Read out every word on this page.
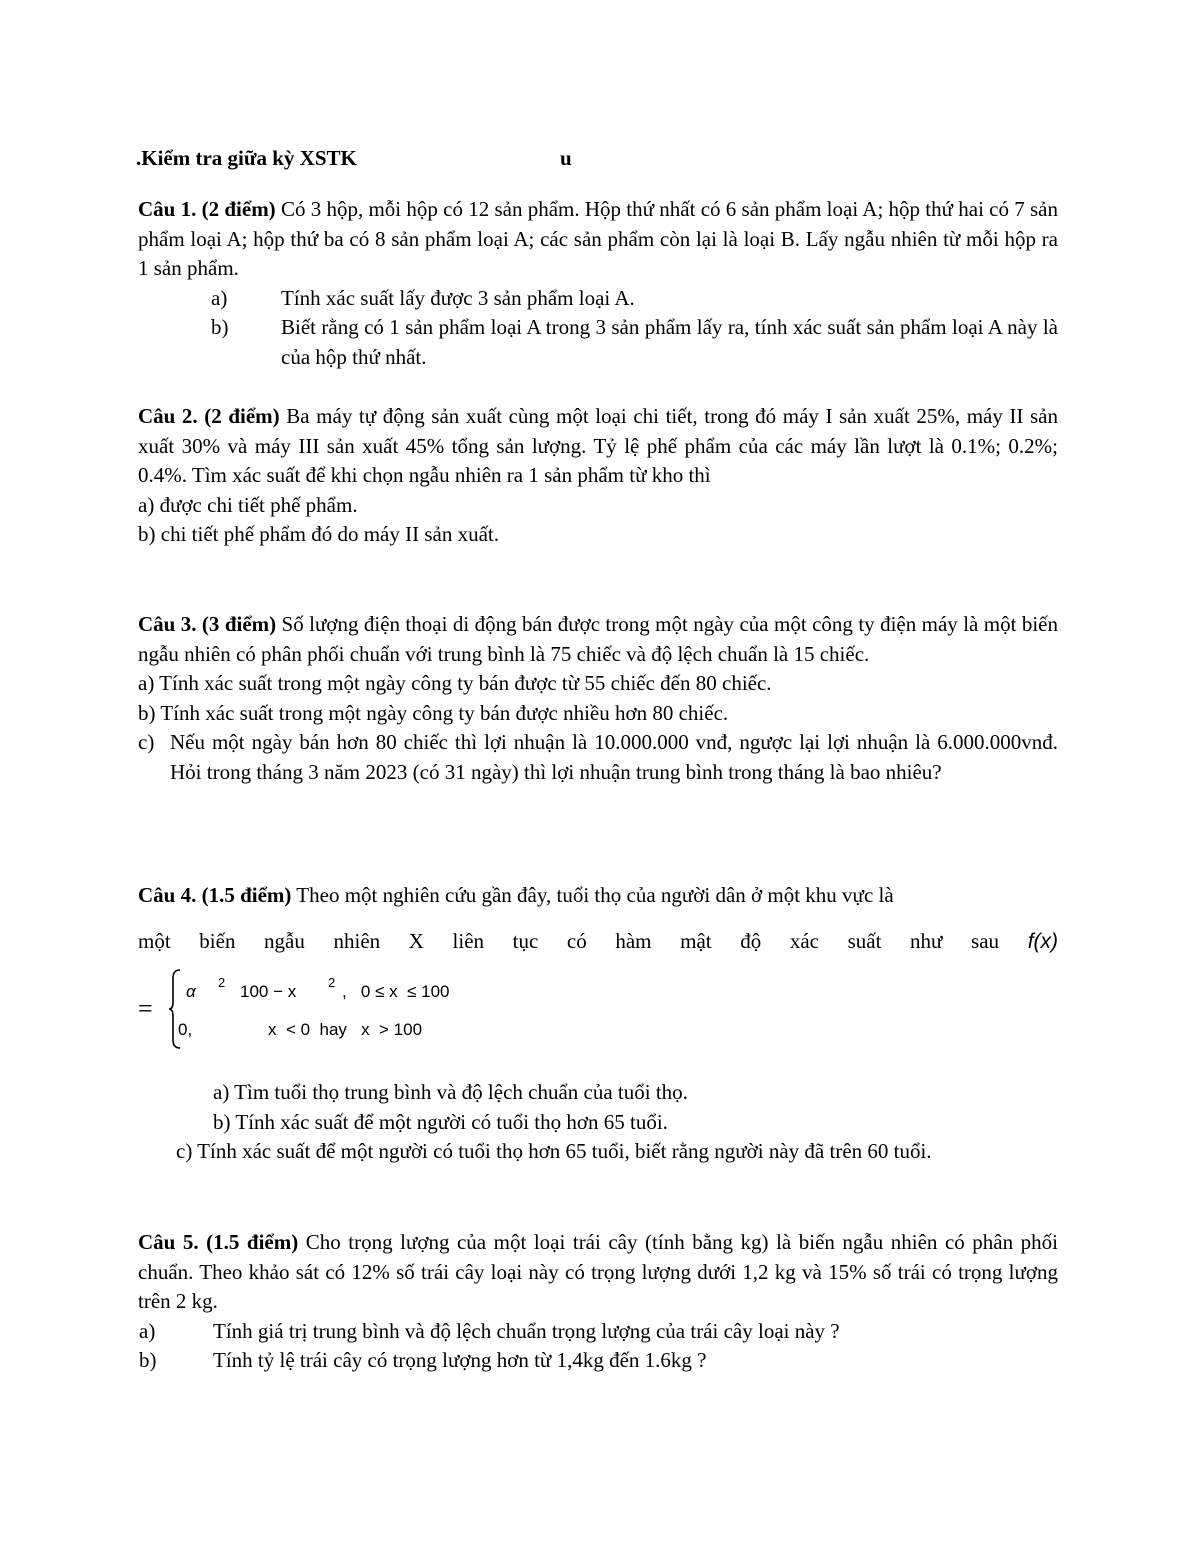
.Kiểm tra giữa kỳ XSTK	u
Câu 1. (2 điểm) Có 3 hộp, mỗi hộp có 12 sản phẩm. Hộp thứ nhất có 6 sản phẩm loại A; hộp thứ hai có 7 sản phẩm loại A; hộp thứ ba có 8 sản phẩm loại A; các sản phẩm còn lại là loại B. Lấy ngẫu nhiên từ mỗi hộp ra 1 sản phẩm.
a)	Tính xác suất lấy được 3 sản phẩm loại A.
b)	Biết rằng có 1 sản phẩm loại A trong 3 sản phẩm lấy ra, tính xác suất sản phẩm loại A này là của hộp thứ nhất.
Câu 2. (2 điểm) Ba máy tự động sản xuất cùng một loại chi tiết, trong đó máy I sản xuất 25%, máy II sản xuất 30% và máy III sản xuất 45% tổng sản lượng. Tỷ lệ phế phẩm của các máy lần lượt là 0.1%; 0.2%; 0.4%. Tìm xác suất để khi chọn ngẫu nhiên ra 1 sản phẩm từ kho thì
a) được chi tiết phế phẩm.
b) chi tiết phế phẩm đó do máy II sản xuất.
Câu 3. (3 điểm) Số lượng điện thoại di động bán được trong một ngày của một công ty điện máy là một biến ngẫu nhiên có phân phối chuẩn với trung bình là 75 chiếc và độ lệch chuẩn là 15 chiếc.
a) Tính xác suất trong một ngày công ty bán được từ 55 chiếc đến 80 chiếc.
b) Tính xác suất trong một ngày công ty bán được nhiều hơn 80 chiếc.
c) Nếu một ngày bán hơn 80 chiếc thì lợi nhuận là 10.000.000 vnđ, ngược lại lợi nhuận là 6.000.000vnđ. Hỏi trong tháng 3 năm 2023 (có 31 ngày) thì lợi nhuận trung bình trong tháng là bao nhiêu?
Câu 4. (1.5 điểm) Theo một nghiên cứu gần đây, tuổi thọ của người dân ở một khu vực là
một biến ngẫu nhiên X liên tục có hàm mật độ xác suất như sau f(x)
=
α 2 100 − x 2 ,   0 ≤ x  ≤ 100
0,	x  < 0  hay   x  > 100
a) Tìm tuổi thọ trung bình và độ lệch chuẩn của tuổi thọ.
b) Tính xác suất để một người có tuổi thọ hơn 65 tuổi.
c) Tính xác suất để một người có tuổi thọ hơn 65 tuổi, biết rằng người này đã trên 60 tuổi.
Câu 5. (1.5 điểm) Cho trọng lượng của một loại trái cây (tính bằng kg) là biến ngẫu nhiên có phân phối chuẩn. Theo khảo sát có 12% số trái cây loại này có trọng lượng dưới 1,2 kg và 15% số trái có trọng lượng trên 2 kg.
a)	Tính giá trị trung bình và độ lệch chuẩn trọng lượng của trái cây loại này ?
b)	Tính tỷ lệ trái cây có trọng lượng hơn từ 1,4kg đến 1.6kg ?
